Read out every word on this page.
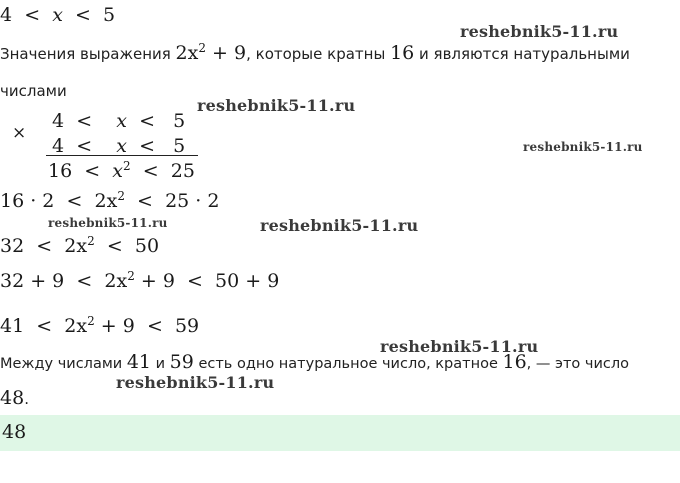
4 < x < 5
Значения выражения $2x^2 + 9$, которые кратны 16 и являются натуральными
числами
×
4 < x < 5
4 < x < 5
$16 < x^2 < 25$
$16 \cdot 2 < 2x^2 < 25 \cdot 2$
$32 < 2x^2 < 50$
$32 + 9 < 2x^2 + 9 < 50 + 9$
$41 < 2x^2 + 9 < 59$
Между числами 41 и 59 есть одно натуральное число, кратное 16, — это число
48.
48
reshebnik5-11.ru
reshebnik5-11.ru
reshebnik5-11.ru
reshebnik5-11.ru	reshebnik5-11.ru
reshebnik5-11.ru
reshebnik5-11.ru
